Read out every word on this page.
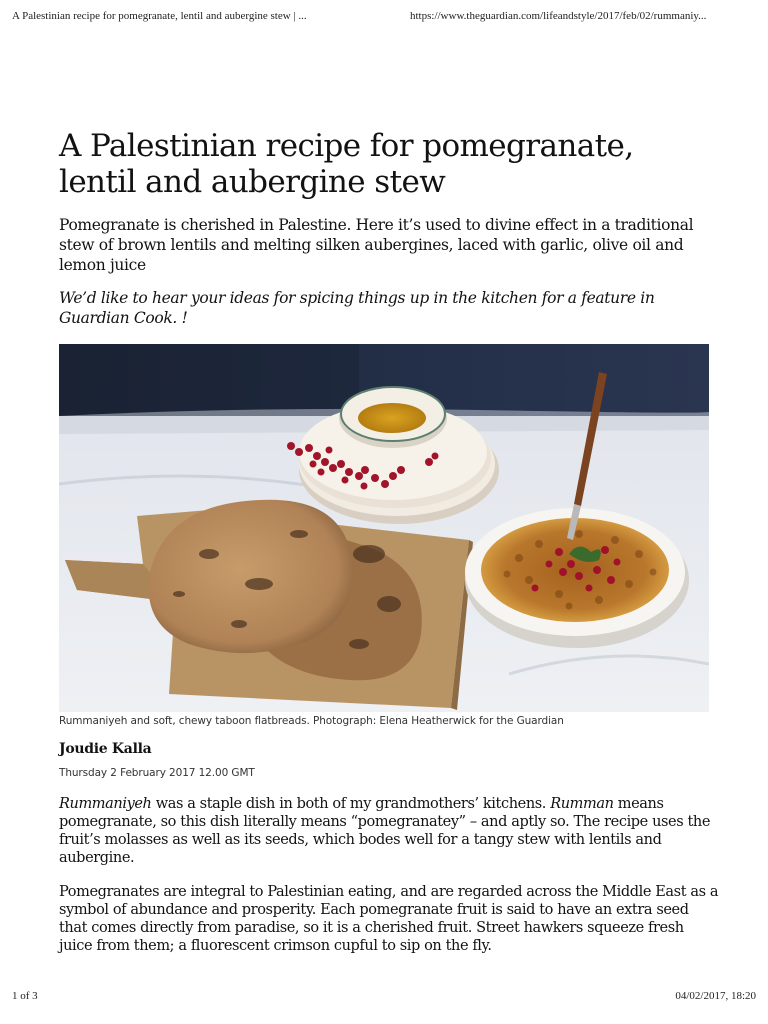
A Palestinian recipe for pomegranate, lentil and aubergine stew | ...	https://www.theguardian.com/lifeandstyle/2017/feb/02/rummaniy...
A Palestinian recipe for pomegranate, lentil and aubergine stew

Pomegranate is cherished in Palestine. Here it’s used to divine effect in a traditional stew of brown lentils and melting silken aubergines, laced with garlic, olive oil and lemon juice

We’d like to hear your ideas for spicing things up in the kitchen for a feature in Guardian Cook. !

Rummaniyeh and soft, chewy taboon flatbreads. Photograph: Elena Heatherwick for the Guardian
Joudie Kalla
Thursday 2 February 2017 12.00 GMT

Rummaniyeh was a staple dish in both of my grandmothers’ kitchens. Rumman means pomegranate, so this dish literally means “pomegranatey” – and aptly so. The recipe uses the fruit’s molasses as well as its seeds, which bodes well for a tangy stew with lentils and aubergine.

Pomegranates are integral to Palestinian eating, and are regarded across the Middle East as a symbol of abundance and prosperity. Each pomegranate fruit is said to have an extra seed that comes directly from paradise, so it is a cherished fruit. Street hawkers squeeze fresh juice from them; a fluorescent crimson cupful to sip on the fly.

1 of 3	04/02/2017, 18:20
